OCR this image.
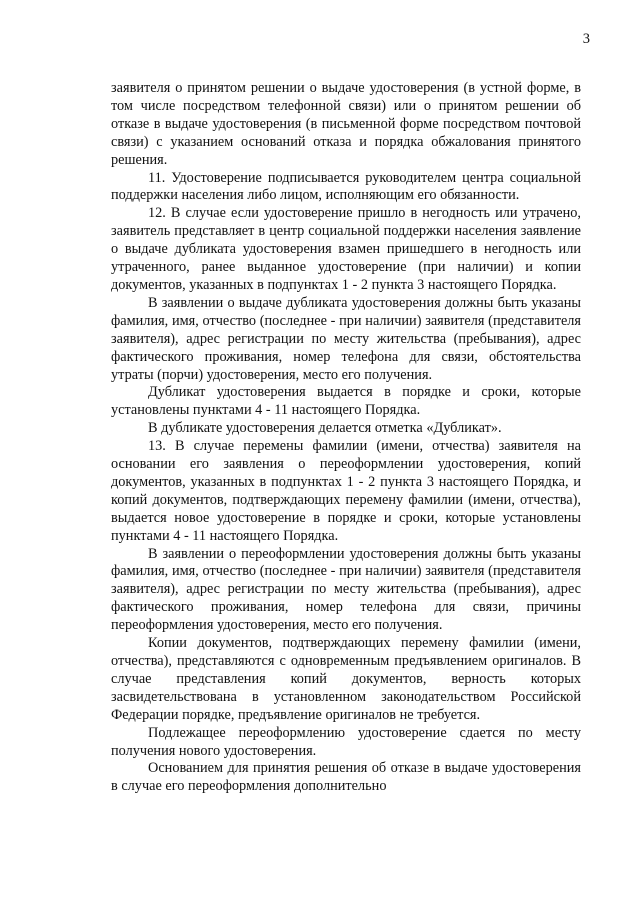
3

заявителя о принятом решении о выдаче удостоверения (в устной форме, в том числе посредством телефонной связи) или о принятом решении об отказе в выдаче удостоверения (в письменной форме посредством почтовой связи) с указанием оснований отказа и порядка обжалования принятого решения.

11. Удостоверение подписывается руководителем центра социальной поддержки населения либо лицом, исполняющим его обязанности.

12. В случае если удостоверение пришло в негодность или утрачено, заявитель представляет в центр социальной поддержки населения заявление о выдаче дубликата удостоверения взамен пришедшего в негодность или утраченного, ранее выданное удостоверение (при наличии) и копии документов, указанных в подпунктах 1 - 2 пункта 3 настоящего Порядка.

В заявлении о выдаче дубликата удостоверения должны быть указаны фамилия, имя, отчество (последнее - при наличии) заявителя (представителя заявителя), адрес регистрации по месту жительства (пребывания), адрес фактического проживания, номер телефона для связи, обстоятельства утраты (порчи) удостоверения, место его получения.

Дубликат удостоверения выдается в порядке и сроки, которые установлены пунктами 4 - 11 настоящего Порядка.

В дубликате удостоверения делается отметка «Дубликат».

13. В случае перемены фамилии (имени, отчества) заявителя на основании его заявления о переоформлении удостоверения, копий документов, указанных в подпунктах 1 - 2 пункта 3 настоящего Порядка, и копий документов, подтверждающих перемену фамилии (имени, отчества), выдается новое удостоверение в порядке и сроки, которые установлены пунктами 4 - 11 настоящего Порядка.

В заявлении о переоформлении удостоверения должны быть указаны фамилия, имя, отчество (последнее - при наличии) заявителя (представителя заявителя), адрес регистрации по месту жительства (пребывания), адрес фактического проживания, номер телефона для связи, причины переоформления удостоверения, место его получения.

Копии документов, подтверждающих перемену фамилии (имени, отчества), представляются с одновременным предъявлением оригиналов. В случае представления копий документов, верность которых засвидетельствована в установленном законодательством Российской Федерации порядке, предъявление оригиналов не требуется.

Подлежащее переоформлению удостоверение сдается по месту получения нового удостоверения.

Основанием для принятия решения об отказе в выдаче удостоверения в случае его переоформления дополнительно
